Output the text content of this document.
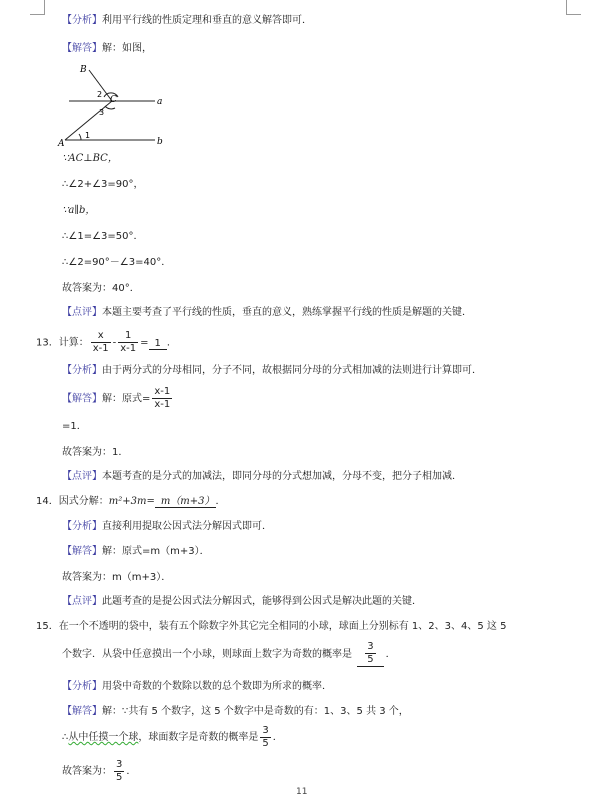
【分析】利用平行线的性质定理和垂直的意义解答即可．
【解答】解：如图，
B
C
A
a
b
1
2
3
∵AC⊥BC，
∴∠2+∠3=90°，
∵a∥b，
∴∠1=∠3=50°．
∴∠2=90°－∠3=40°．
故答案为：40°．
【点评】本题主要考查了平行线的性质，垂直的意义，熟练掌握平行线的性质是解题的关键．
13．计算： $\frac{x}{x-1} - \frac{1}{x-1} = 1$ ．
【分析】由于两分式的分母相同，分子不同，故根据同分母的分式相加减的法则进行计算即可．
【解答】解：原式= $\frac{x-1}{x-1}$
=1．
故答案为：1．
【点评】本题考查的是分式的加减法，即同分母的分式想加减，分母不变，把分子相加减．
14．因式分解：m²+3m= m（m+3） ．
【分析】直接利用提取公因式法分解因式即可．
【解答】解：原式=m（m+3）．
故答案为：m（m+3）．
【点评】此题考查的是提公因式法分解因式，能够得到公因式是解决此题的关键．
15．在一个不透明的袋中，装有五个除数字外其它完全相同的小球，球面上分别标有 1、2、3、4、5 这 5
个数字．从袋中任意摸出一个小球，则球面上数字为奇数的概率是 $\frac{3}{5}$ ．
【分析】用袋中奇数的个数除以数的总个数即为所求的概率．
【解答】解：∵共有 5 个数字，这 5 个数字中是奇数的有：1、3、5 共 3 个，
∴从中任摸一个球，球面数字是奇数的概率是 $\frac{3}{5}$ ．
故答案为： $\frac{3}{5}$ ．
11
